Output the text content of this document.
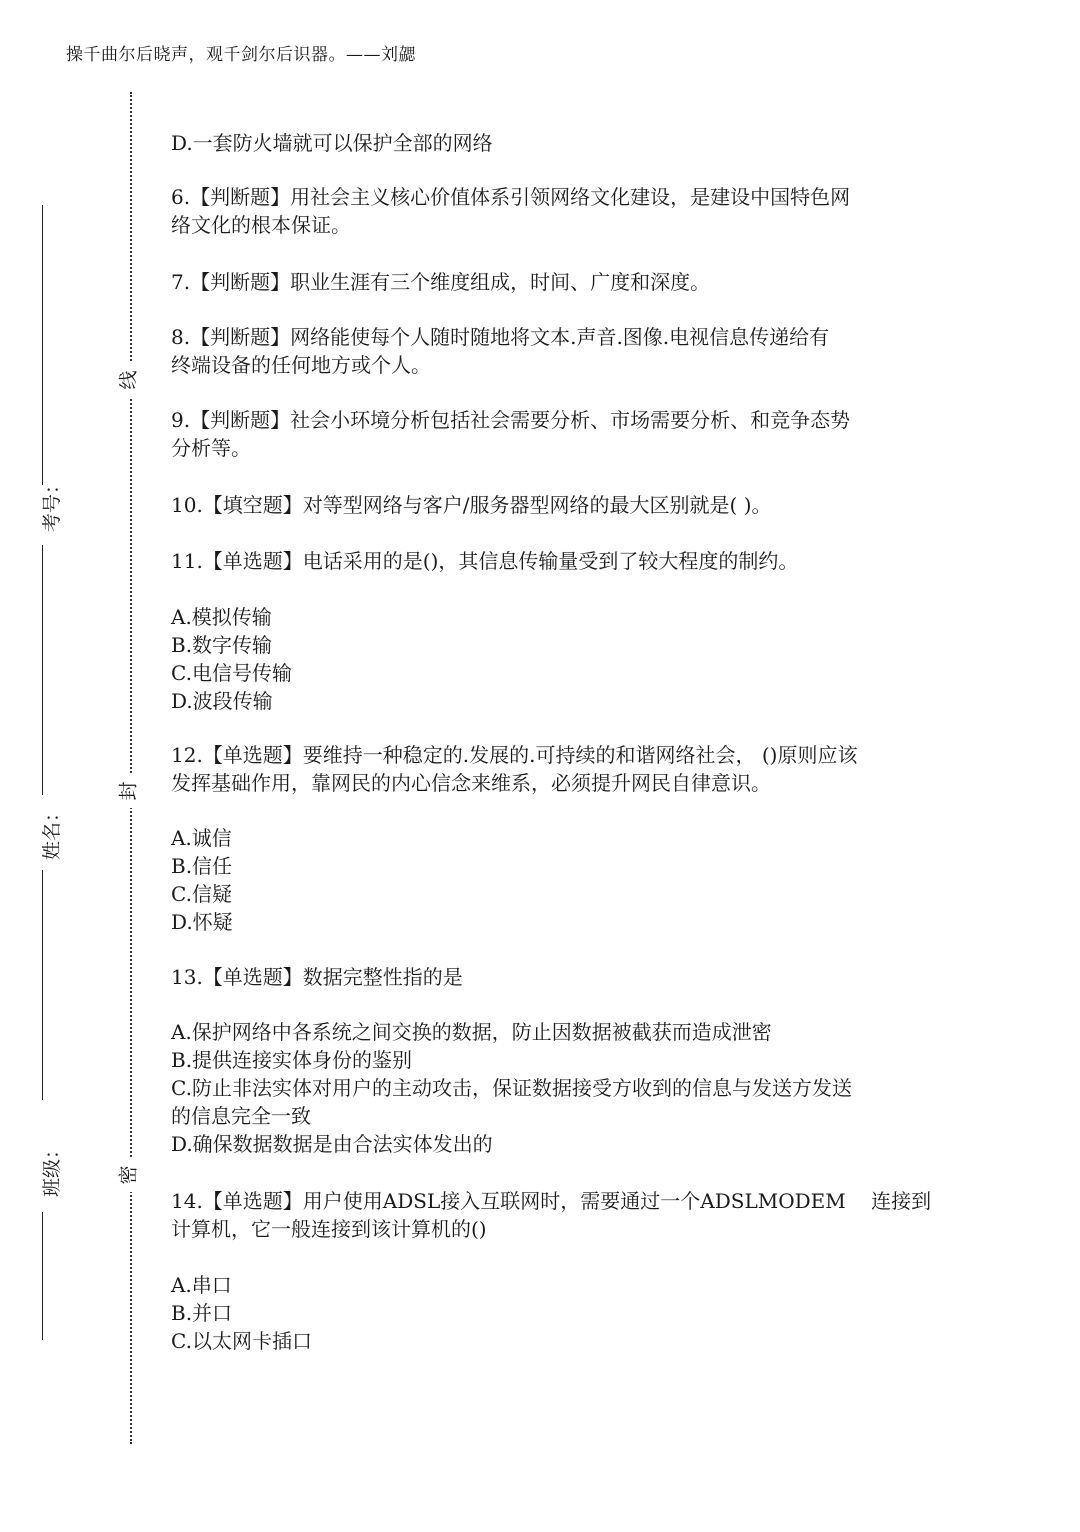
操千曲尔后晓声，观千剑尔后识器。——刘勰
线
封
密
考号：
姓名：
班级：
D.一套防火墙就可以保护全部的网络
6.【判断题】用社会主义核心价值体系引领网络文化建设，是建设中国特色网
络文化的根本保证。
7.【判断题】职业生涯有三个维度组成，时间、广度和深度。
8.【判断题】网络能使每个人随时随地将文本.声音.图像.电视信息传递给有
终端设备的任何地方或个人。
9.【判断题】社会小环境分析包括社会需要分析、市场需要分析、和竞争态势
分析等。
10.【填空题】对等型网络与客户/服务器型网络的最大区别就是( )。
11.【单选题】电话采用的是()，其信息传输量受到了较大程度的制约。
A.模拟传输
B.数字传输
C.电信号传输
D.波段传输
12.【单选题】要维持一种稳定的.发展的.可持续的和谐网络社会， ()原则应该
发挥基础作用，靠网民的内心信念来维系，必须提升网民自律意识。
A.诚信
B.信任
C.信疑
D.怀疑
13.【单选题】数据完整性指的是
A.保护网络中各系统之间交换的数据，防止因数据被截获而造成泄密
B.提供连接实体身份的鉴别
C.防止非法实体对用户的主动攻击，保证数据接受方收到的信息与发送方发送
的信息完全一致
D.确保数据数据是由合法实体发出的
14.【单选题】用户使用ADSL接入互联网时，需要通过一个ADSLMODEM    连接到
计算机，它一般连接到该计算机的()
A.串口
B.并口
C.以太网卡插口
